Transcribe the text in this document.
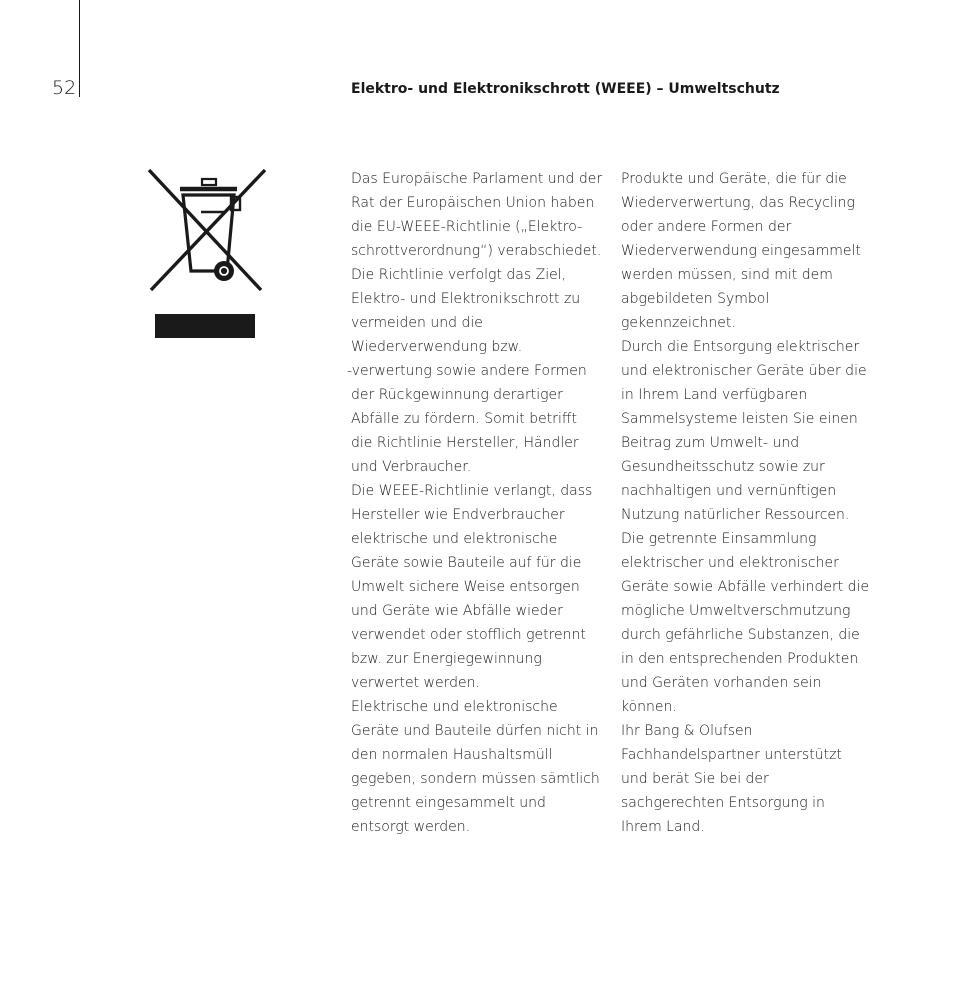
52	Elektro- und Elektronikschrott (WEEE) – Umweltschutz

Das Europäische Parlament und der

Rat der Europäischen Union haben

die EU-WEEE-Richtlinie („Elektro-

schrottverordnung“) verabschiedet.

Die Richtlinie verfolgt das Ziel,

Elektro- und Elektronikschrott zu

vermeiden und die

Wiederverwendung bzw.

-verwertung sowie andere Formen

der Rückgewinnung derartiger

Abfälle zu fördern. Somit betrifft

die Richtlinie Hersteller, Händler

und Verbraucher.

Die WEEE-Richtlinie verlangt, dass

Hersteller wie Endverbraucher

elektrische und elektronische

Geräte sowie Bauteile auf für die

Umwelt sichere Weise entsorgen

und Geräte wie Abfälle wieder

verwendet oder stofflich getrennt

bzw. zur Energiegewinnung

verwertet werden.

Elektrische und elektronische

Geräte und Bauteile dürfen nicht in

den normalen Haushaltsmüll

gegeben, sondern müssen sämtlich

getrennt eingesammelt und

entsorgt werden.

Produkte und Geräte, die für die

Wiederverwertung, das Recycling

oder andere Formen der

Wiederverwendung eingesammelt

werden müssen, sind mit dem

abgebildeten Symbol

gekennzeichnet.

Durch die Entsorgung elektrischer

und elektronischer Geräte über die

in Ihrem Land verfügbaren

Sammelsysteme leisten Sie einen

Beitrag zum Umwelt- und

Gesundheitsschutz sowie zur

nachhaltigen und vernünftigen

Nutzung natürlicher Ressourcen.

Die getrennte Einsammlung

elektrischer und elektronischer

Geräte sowie Abfälle verhindert die

mögliche Umweltverschmutzung

durch gefährliche Substanzen, die

in den entsprechenden Produkten

und Geräten vorhanden sein

können.

Ihr Bang & Olufsen

Fachhandelspartner unterstützt

und berät Sie bei der

sachgerechten Entsorgung in

Ihrem Land.
